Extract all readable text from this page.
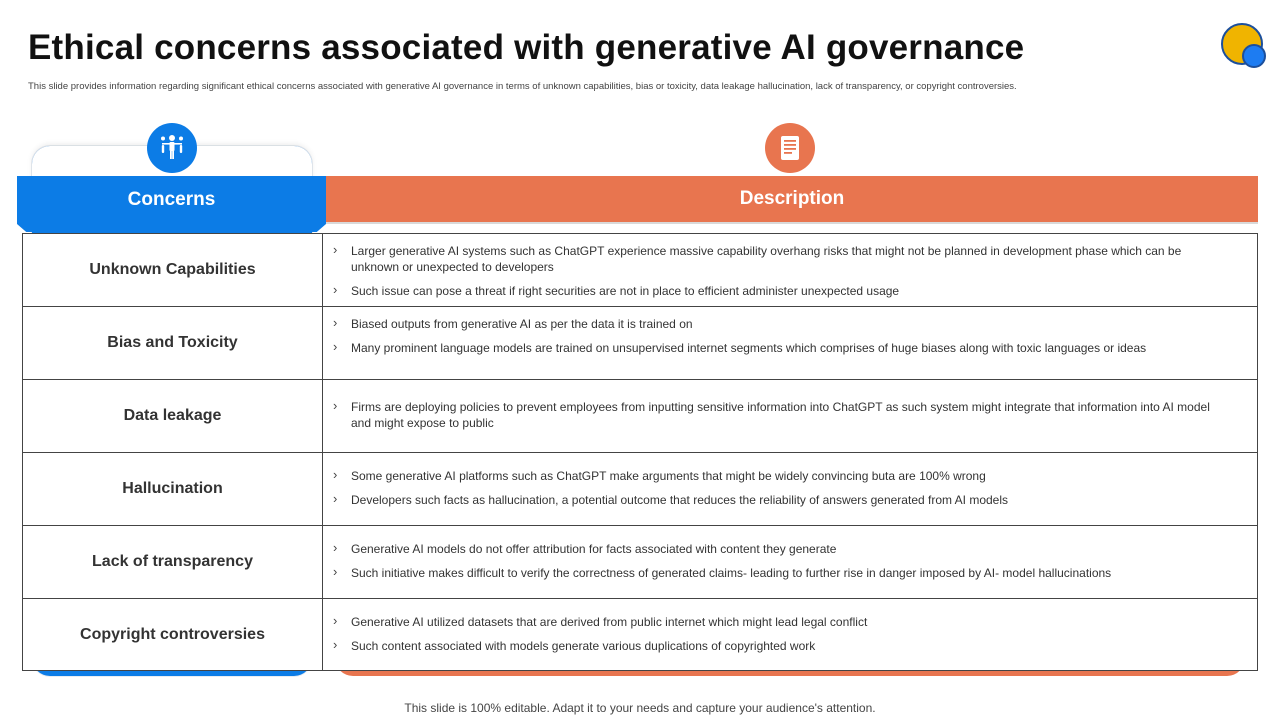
Ethical concerns associated with generative AI governance
This slide provides information regarding significant ethical concerns associated with generative AI governance in terms of unknown capabilities, bias or toxicity, data leakage hallucination, lack of transparency, or copyright controversies.
Concerns	Description
Unknown Capabilities
›	Larger generative AI systems such as ChatGPT experience massive capability overhang risks that might not be planned in development phase which can be unknown or unexpected to developers
›	Such issue can pose a threat if right securities are not in place to efficient administer unexpected usage
Bias and Toxicity
›	Biased outputs from generative AI as per the data it is trained on
›	Many prominent language models are trained on unsupervised internet segments which comprises of huge biases along with toxic languages or ideas
Data leakage
›	Firms are deploying policies to prevent employees from inputting sensitive information into ChatGPT as such system might integrate that information into AI model and might expose to public
Hallucination
›	Some generative AI platforms such as ChatGPT make arguments that might be widely convincing buta are 100% wrong
›	Developers such facts as hallucination, a potential outcome that reduces the reliability of answers generated from AI models
Lack of transparency
›	Generative AI models do not offer attribution for facts associated with content they generate
›	Such initiative makes difficult to verify the correctness of generated claims- leading to further rise in danger imposed by AI- model hallucinations
Copyright controversies
›	Generative AI utilized datasets that are derived from public internet which might lead legal conflict
›	Such content associated with models generate various duplications of copyrighted work
This slide is 100% editable. Adapt it to your needs and capture your audience's attention.
